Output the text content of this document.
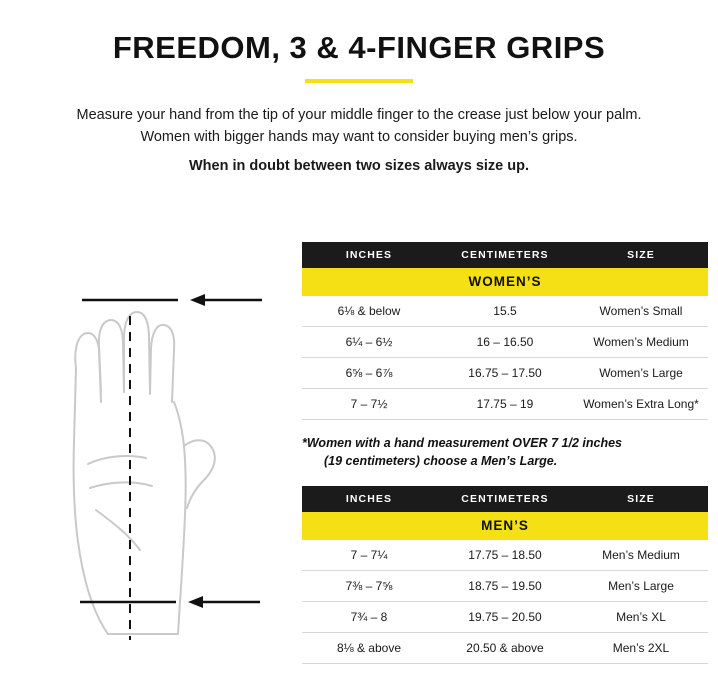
FREEDOM, 3 & 4-FINGER GRIPS
Measure your hand from the tip of your middle finger to the crease just below your palm.
Women with bigger hands may want to consider buying men’s grips.
When in doubt between two sizes always size up.
WOMEN’S		
INCHES	CENTIMETERS	SIZE
6⅛ & below	15.5	Women’s Small
6¼ – 6½	16 – 16.50	Women’s Medium
6⅝ – 6⅞	16.75 – 17.50	Women’s Large
7 – 7½	17.75 – 19	Women’s Extra Long*
*Women with a hand measurement OVER 7 1/2 inches
(19 centimeters) choose a Men’s Large.
MEN’S		
INCHES	CENTIMETERS	SIZE
7 – 7¼	17.75 – 18.50	Men’s Medium
7⅜ – 7⅝	18.75 – 19.50	Men’s Large
7¾ – 8	19.75 – 20.50	Men’s XL
8⅛ & above	20.50 & above	Men’s 2XL
